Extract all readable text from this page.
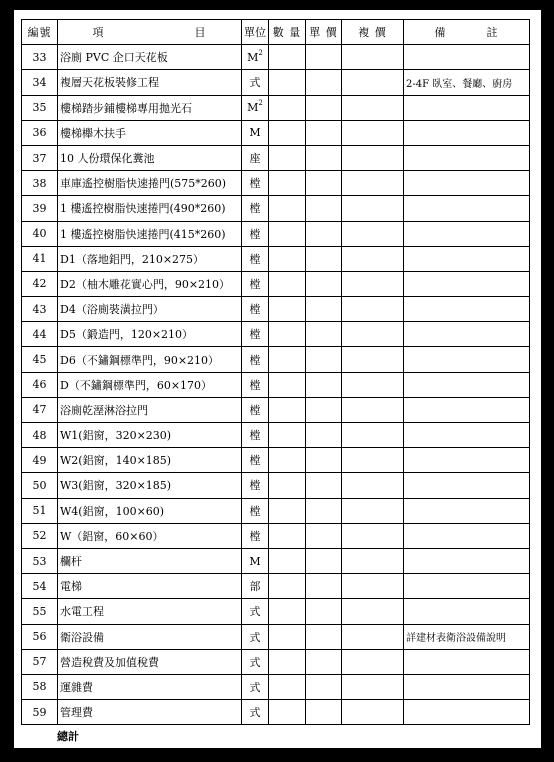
編號	項 目	單位	數 量	單 價	複 價	備 註
33	浴廁 PVC 企口天花板	$M^2$				
34	複層天花板裝修工程	式				2-4F 臥室、餐廳、廚房
35	樓梯踏步鋪樓梯專用拋光石	$M^2$				
36	樓梯櫸木扶手	M				
37	10 人份環保化糞池	座				
38	車庫遙控樹脂快速捲門(575*260)	樘				
39	1 樓遙控樹脂快速捲門(490*260)	樘				
40	1 樓遙控樹脂快速捲門(415*260)	樘				
41	D1（落地鋁門，210×275）	樘				
42	D2（柚木雕花實心門，90×210）	樘				
43	D4（浴廁裝潢拉門）	樘				
44	D5（鍛造門，120×210）	樘				
45	D6（不鏽鋼標準門，90×210）	樘				
46	D（不鏽鋼標準門，60×170）	樘				
47	浴廁乾溼淋浴拉門	樘				
48	W1(鋁窗，320×230)	樘				
49	W2(鋁窗，140×185)	樘				
50	W3(鋁窗，320×185)	樘				
51	W4(鋁窗，100×60)	樘				
52	W（鋁窗，60×60）	樘				
53	欄杆	M				
54	電梯	部				
55	水電工程	式				
56	衛浴設備	式				詳建材表衛浴設備說明
57	營造稅費及加值稅費	式				
58	運雜費	式				
59	管理費	式				
總計
